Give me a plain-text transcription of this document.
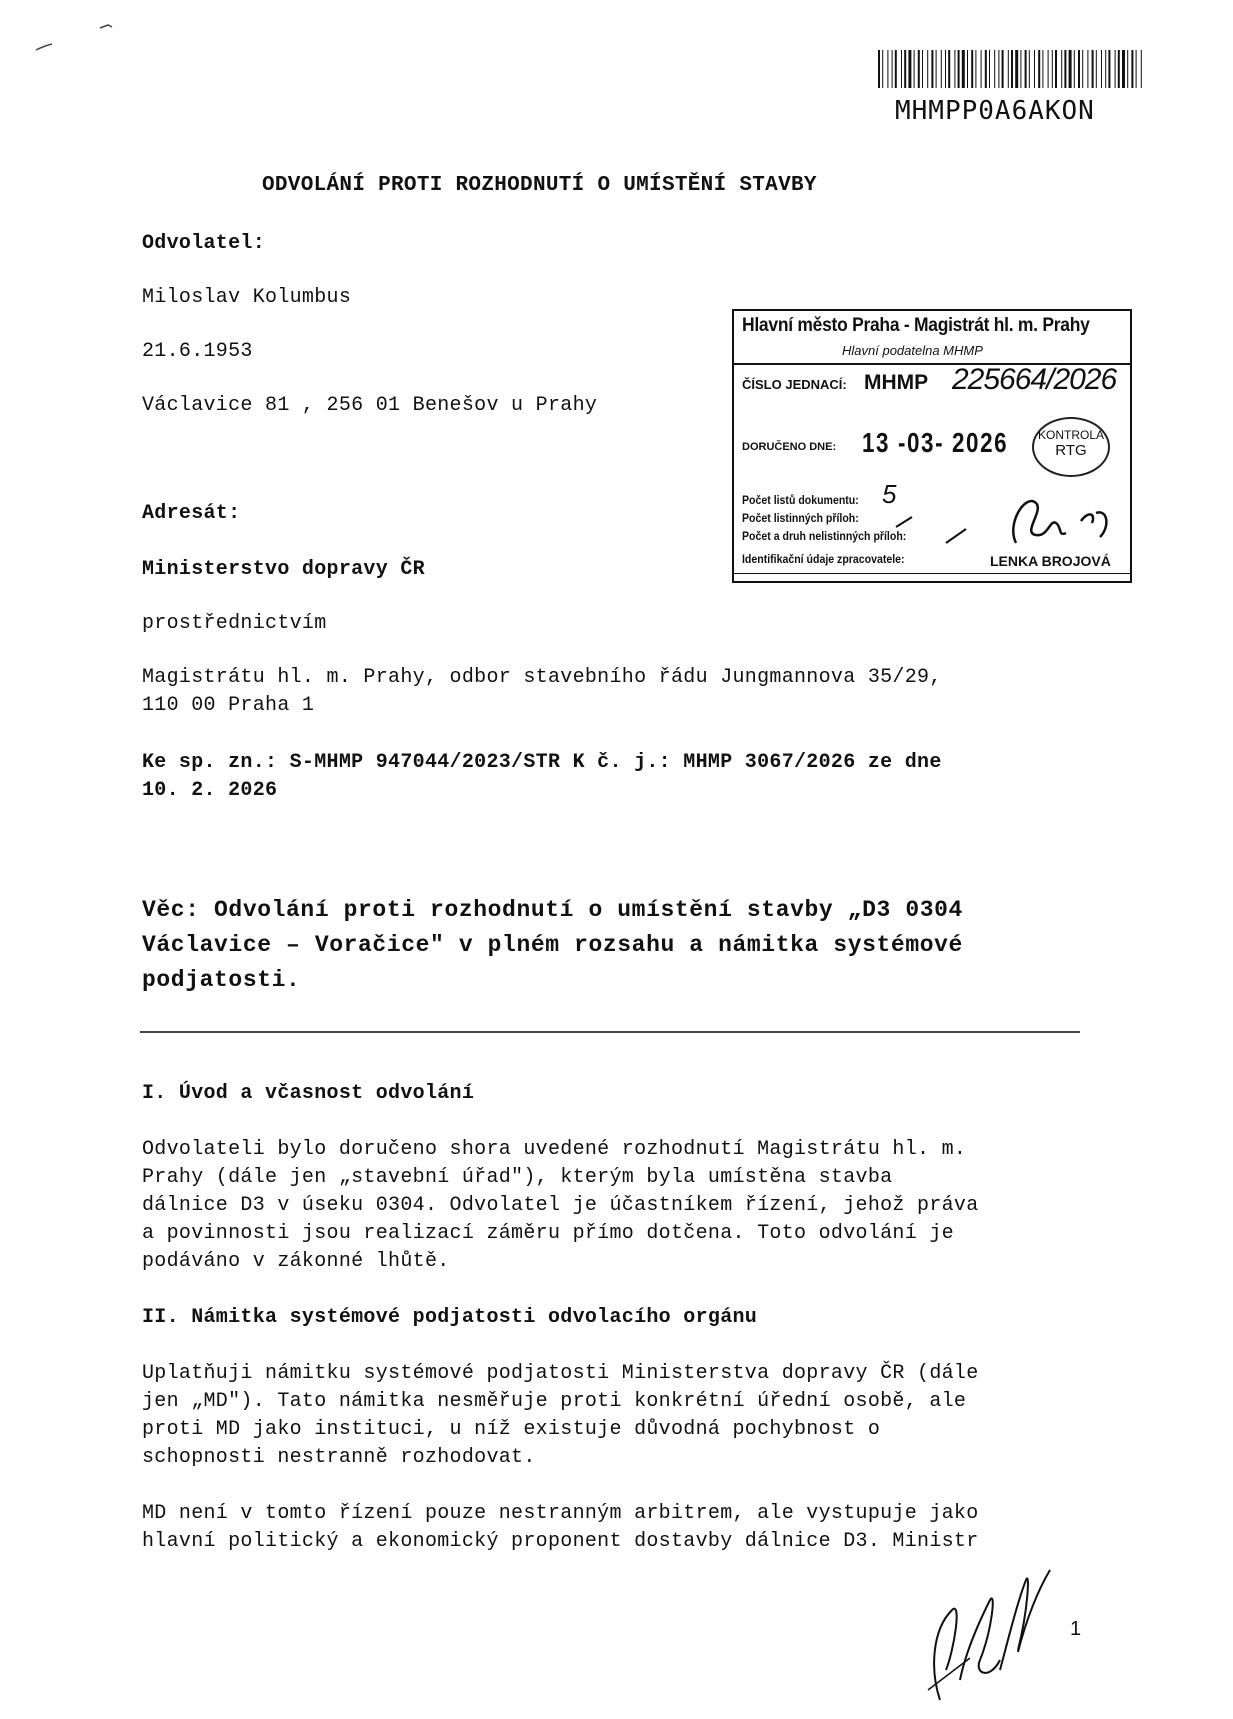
MHMPP0A6AKON
ODVOLÁNÍ PROTI ROZHODNUTÍ O UMÍSTĚNÍ STAVBY
Odvolatel:
Miloslav Kolumbus
21.6.1953
Václavice 81 , 256 01 Benešov u Prahy
Adresát:
Ministerstvo dopravy ČR
prostřednictvím
Magistrátu hl. m. Prahy, odbor stavebního řádu Jungmannova 35/29,
110 00 Praha 1
Ke sp. zn.: S-MHMP 947044/2023/STR K č. j.: MHMP 3067/2026 ze dne
10. 2. 2026
Věc: Odvolání proti rozhodnutí o umístění stavby „D3 0304
Václavice – Voračice" v plném rozsahu a námitka systémové
podjatosti.
I. Úvod a včasnost odvolání
Odvolateli bylo doručeno shora uvedené rozhodnutí Magistrátu hl. m.
Prahy (dále jen „stavební úřad"), kterým byla umístěna stavba
dálnice D3 v úseku 0304. Odvolatel je účastníkem řízení, jehož práva
a povinnosti jsou realizací záměru přímo dotčena. Toto odvolání je
podáváno v zákonné lhůtě.
II. Námitka systémové podjatosti odvolacího orgánu
Uplatňuji námitku systémové podjatosti Ministerstva dopravy ČR (dále
jen „MD"). Tato námitka nesměřuje proti konkrétní úřední osobě, ale
proti MD jako instituci, u níž existuje důvodná pochybnost o
schopnosti nestranně rozhodovat.
MD není v tomto řízení pouze nestranným arbitrem, ale vystupuje jako
hlavní politický a ekonomický proponent dostavby dálnice D3. Ministr
Hlavní město Praha - Magistrát hl. m. Prahy
Hlavní podatelna MHMP
ČÍSLO JEDNACÍ: MHMP 225664/2026
DORUČENO DNE: 13 -03- 2026	KONTROLA
RTG
Počet listů dokumentu: 5
Počet listinných příloh:
Počet a druh nelistinných příloh:
Identifikační údaje zpracovatele:	LENKA BROJOVÁ
1
